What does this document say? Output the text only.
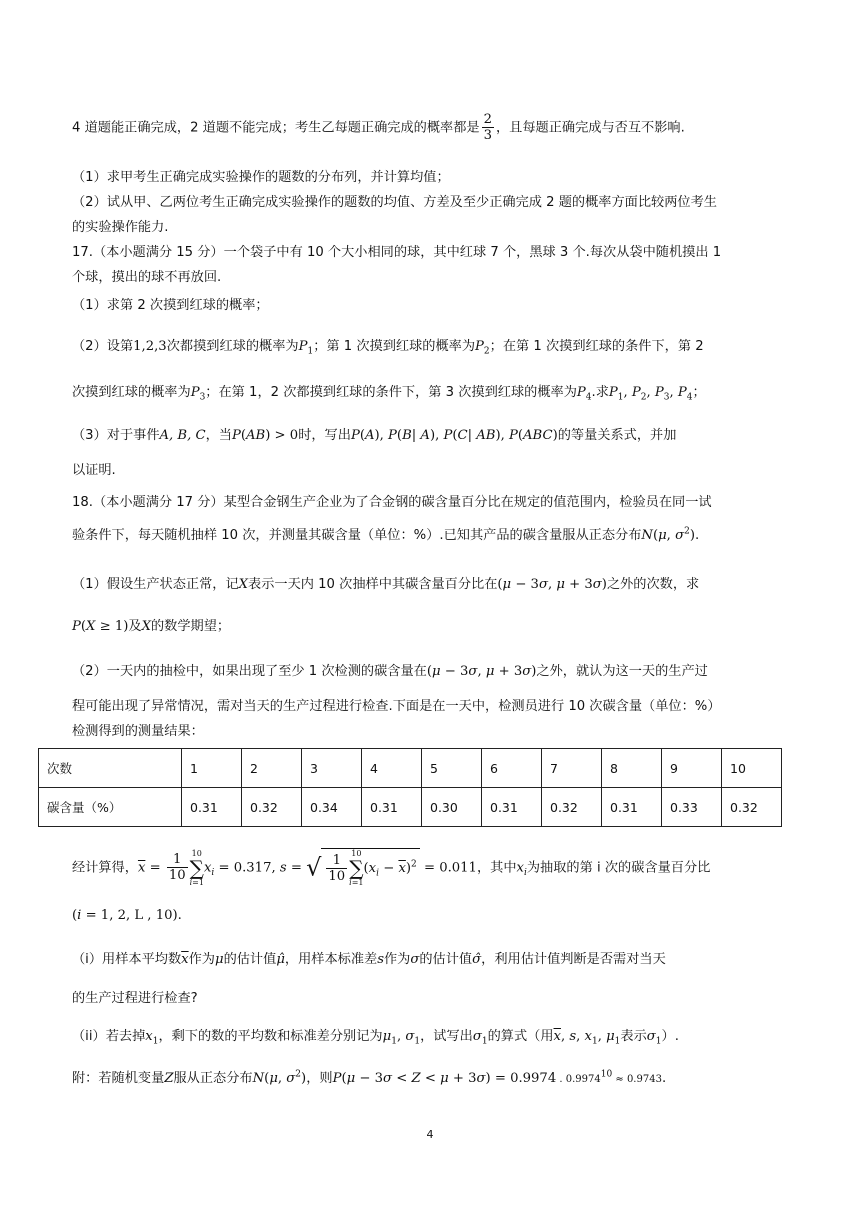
4 道题能正确完成，2 道题不能完成；考生乙每题正确完成的概率都是 $\frac{2}{3}$ ，且每题正确完成与否互不影响.
（1）求甲考生正确完成实验操作的题数的分布列，并计算均值；
（2）试从甲、乙两位考生正确完成实验操作的题数的均值、方差及至少正确完成 2 题的概率方面比较两位考生
的实验操作能力.
17.（本小题满分 15 分）一个袋子中有 10 个大小相同的球，其中红球 7 个，黑球 3 个.每次从袋中随机摸出 1
个球，摸出的球不再放回.
（1）求第 2 次摸到红球的概率；
（2）设第1,2,3次都摸到红球的概率为$P_1$；第 1 次摸到红球的概率为$P_2$；在第 1 次摸到红球的条件下，第 2
次摸到红球的概率为$P_3$；在第 1，2 次都摸到红球的条件下，第 3 次摸到红球的概率为$P_4$.求$P_1$, $P_2$, $P_3$, $P_4$；
（3）对于事件A, B, C，当P(AB) > 0时，写出P(A), P(B| A), P(C| AB), P(ABC)的等量关系式，并加
以证明.
18.（本小题满分 17 分）某型合金钢生产企业为了合金钢的碳含量百分比在规定的值范围内，检验员在同一试
验条件下，每天随机抽样 10 次，并测量其碳含量（单位：%）.已知其产品的碳含量服从正态分布N(μ, $\sigma^2$).
（1）假设生产状态正常，记X表示一天内 10 次抽样中其碳含量百分比在(μ − 3σ, μ + 3σ)之外的次数，求
P(X ≥ 1)及X的数学期望；
（2）一天内的抽检中，如果出现了至少 1 次检测的碳含量在(μ − 3σ, μ + 3σ)之外，就认为这一天的生产过
程可能出现了异常情况，需对当天的生产过程进行检查.下面是在一天中，检测员进行 10 次碳含量（单位：%）
检测得到的测量结果：
次数	1	2	3	4	5	6	7	8	9	10
碳含量（%）	0.31	0.32	0.34	0.31	0.30	0.31	0.32	0.31	0.33	0.32
经计算得，$\overline{x} = \frac{1}{10} 10$
∑
i=1
$x_i = 0.317$, s = √ $\frac{1}{10} 10$
∑
i=1
$(x_i - \overline{x})^2 = 0.011$，其中$x_i$为抽取的第 i 次的碳含量百分比
(i = 1, 2, L , 10).
（i）用样本平均数$\overline{x}$作为μ的估计值μ̂，用样本标准差s作为σ的估计值σ̂，利用估计值判断是否需对当天
的生产过程进行检查?
（ii）若去掉$x_1$，剩下的数的平均数和标准差分别记为$\mu_1$, $\sigma_1$，试写出$\sigma_1$的算式（用$\overline{x}$, s, $x_1$, $\mu_1$表示$\sigma_1$）.
附：若随机变量Z服从正态分布N(μ, $\sigma^2$)，则P(μ − 3σ < Z < μ + 3σ) = 0.9974 . $0.9974^{10} \approx 0.9743$.
4
